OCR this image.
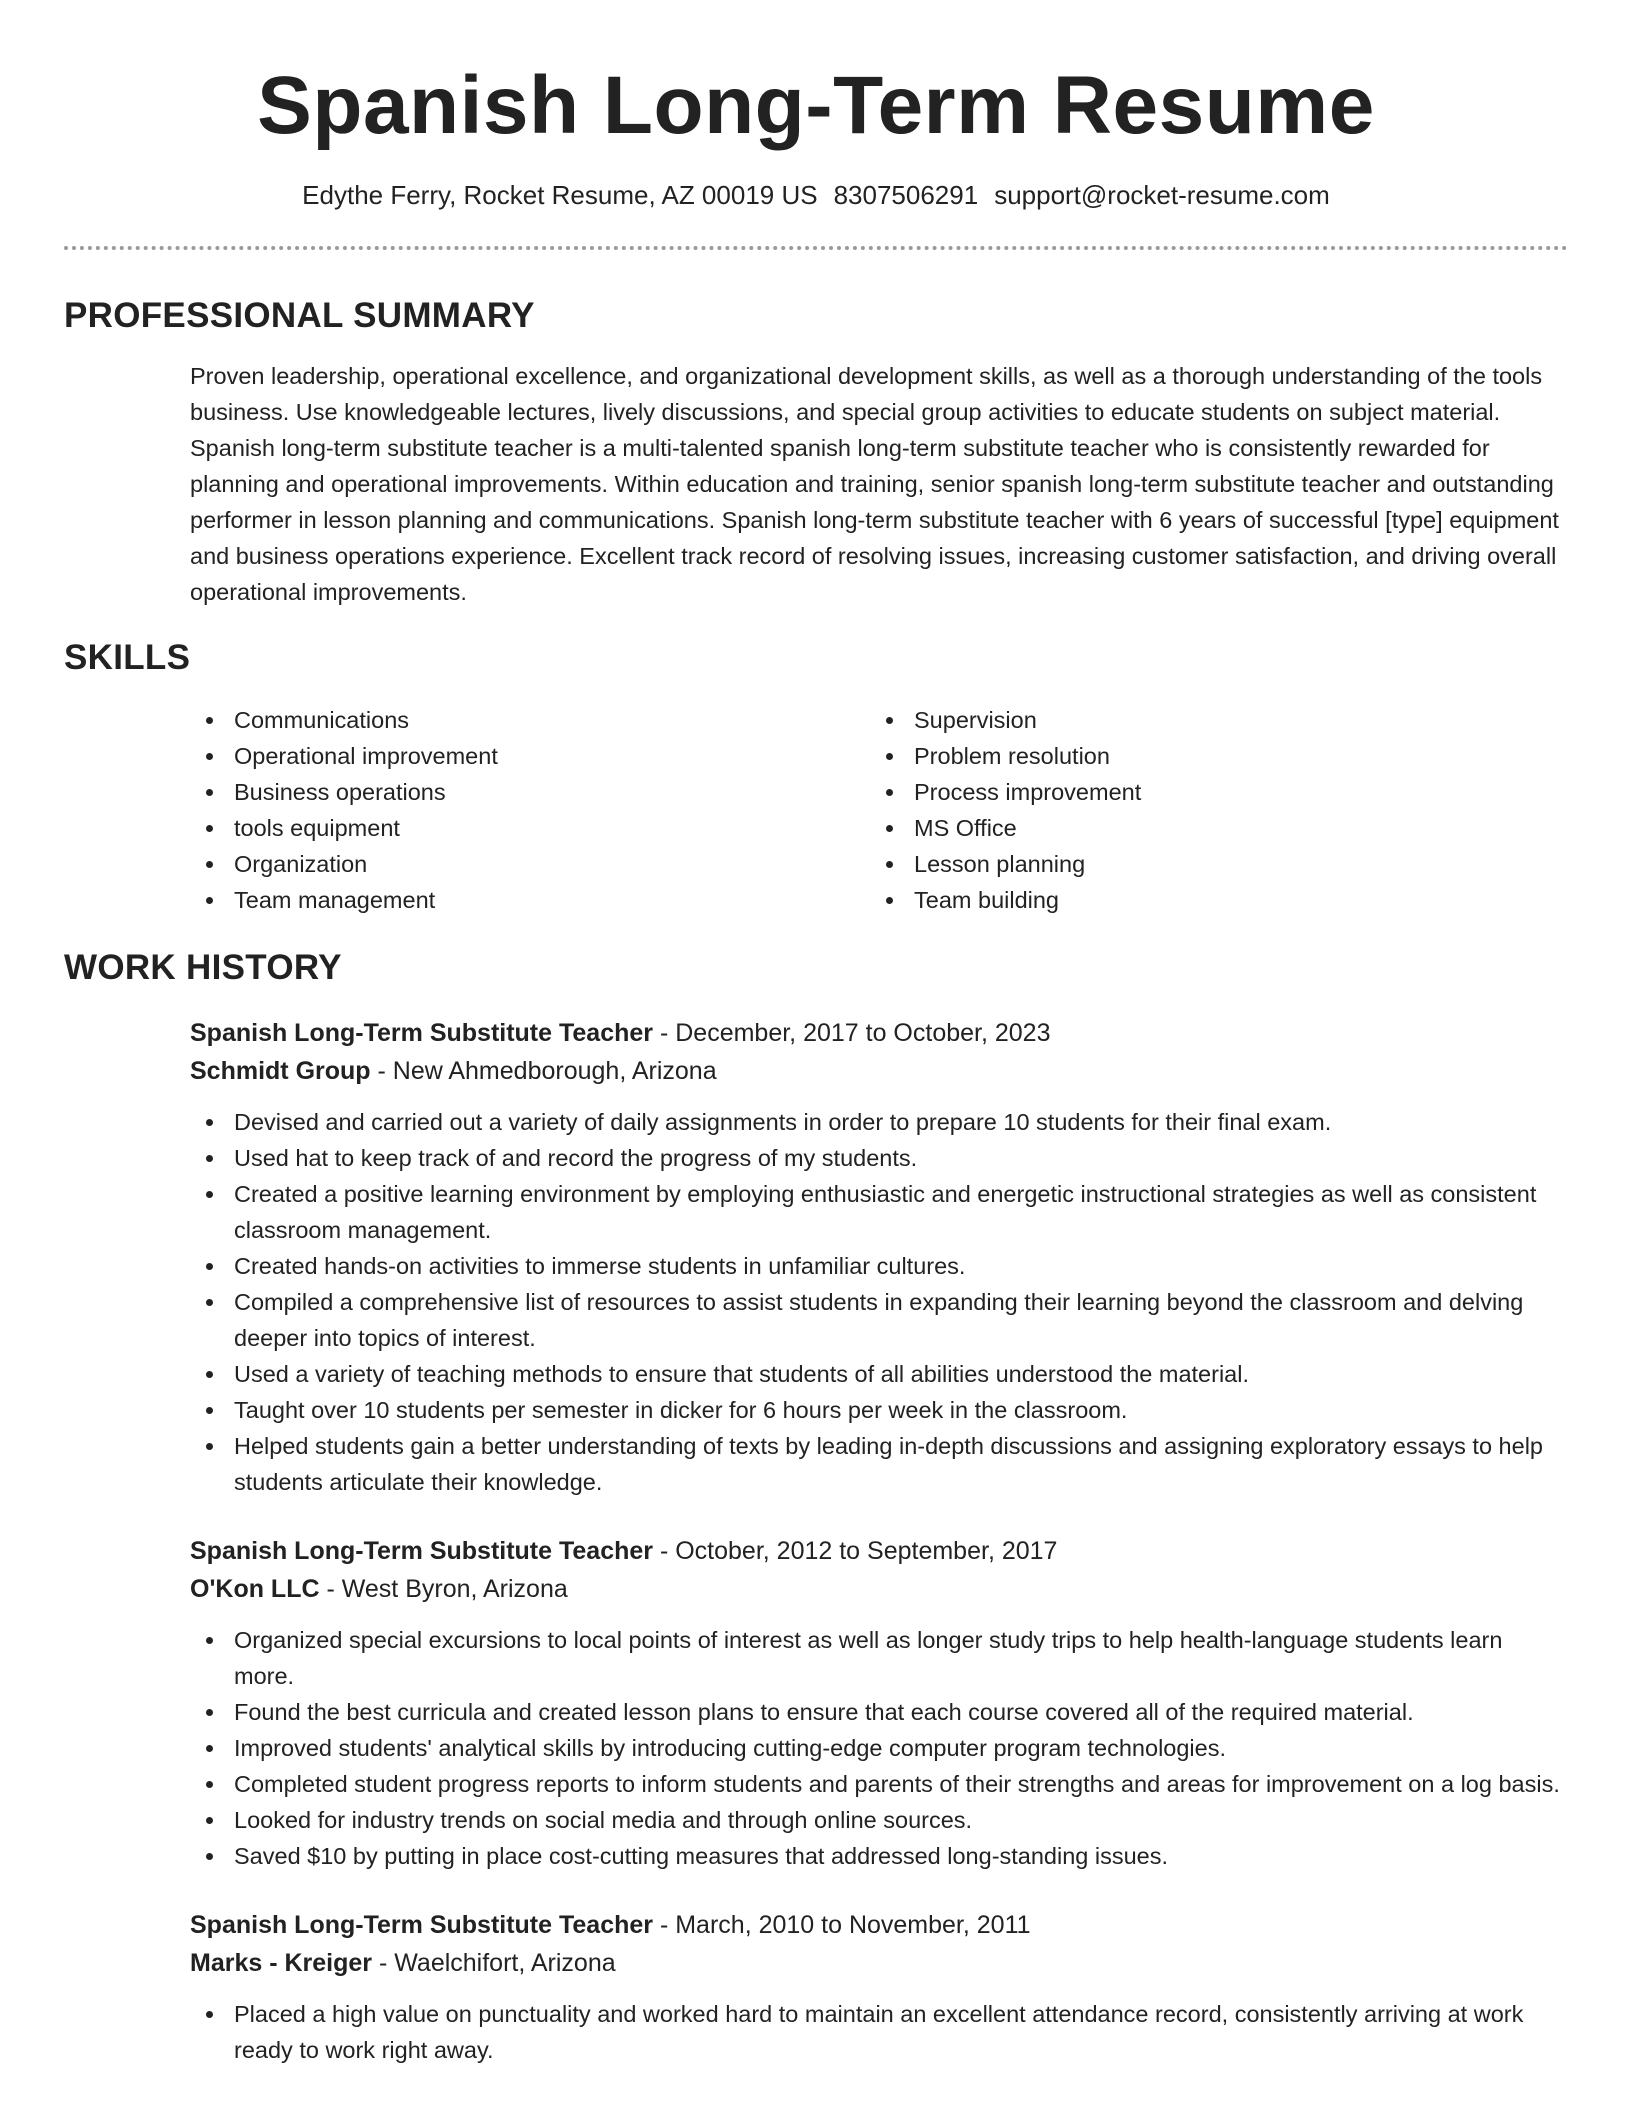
Spanish Long-Term Resume
Edythe Ferry, Rocket Resume, AZ 00019 US 8307506291 support@rocket-resume.com
PROFESSIONAL SUMMARY
Proven leadership, operational excellence, and organizational development skills, as well as a thorough understanding of the tools business. Use knowledgeable lectures, lively discussions, and special group activities to educate students on subject material. Spanish long-term substitute teacher is a multi-talented spanish long-term substitute teacher who is consistently rewarded for planning and operational improvements. Within education and training, senior spanish long-term substitute teacher and outstanding performer in lesson planning and communications. Spanish long-term substitute teacher with 6 years of successful [type] equipment and business operations experience. Excellent track record of resolving issues, increasing customer satisfaction, and driving overall operational improvements.
SKILLS
Communications
Operational improvement
Business operations
tools equipment
Organization
Team management
Supervision
Problem resolution
Process improvement
MS Office
Lesson planning
Team building
WORK HISTORY
Spanish Long-Term Substitute Teacher - December, 2017 to October, 2023
Schmidt Group - New Ahmedborough, Arizona
Devised and carried out a variety of daily assignments in order to prepare 10 students for their final exam.
Used hat to keep track of and record the progress of my students.
Created a positive learning environment by employing enthusiastic and energetic instructional strategies as well as consistent classroom management.
Created hands-on activities to immerse students in unfamiliar cultures.
Compiled a comprehensive list of resources to assist students in expanding their learning beyond the classroom and delving deeper into topics of interest.
Used a variety of teaching methods to ensure that students of all abilities understood the material.
Taught over 10 students per semester in dicker for 6 hours per week in the classroom.
Helped students gain a better understanding of texts by leading in-depth discussions and assigning exploratory essays to help students articulate their knowledge.
Spanish Long-Term Substitute Teacher - October, 2012 to September, 2017
O'Kon LLC - West Byron, Arizona
Organized special excursions to local points of interest as well as longer study trips to help health-language students learn more.
Found the best curricula and created lesson plans to ensure that each course covered all of the required material.
Improved students' analytical skills by introducing cutting-edge computer program technologies.
Completed student progress reports to inform students and parents of their strengths and areas for improvement on a log basis.
Looked for industry trends on social media and through online sources.
Saved $10 by putting in place cost-cutting measures that addressed long-standing issues.
Spanish Long-Term Substitute Teacher - March, 2010 to November, 2011
Marks - Kreiger - Waelchifort, Arizona
Placed a high value on punctuality and worked hard to maintain an excellent attendance record, consistently arriving at work ready to work right away.
